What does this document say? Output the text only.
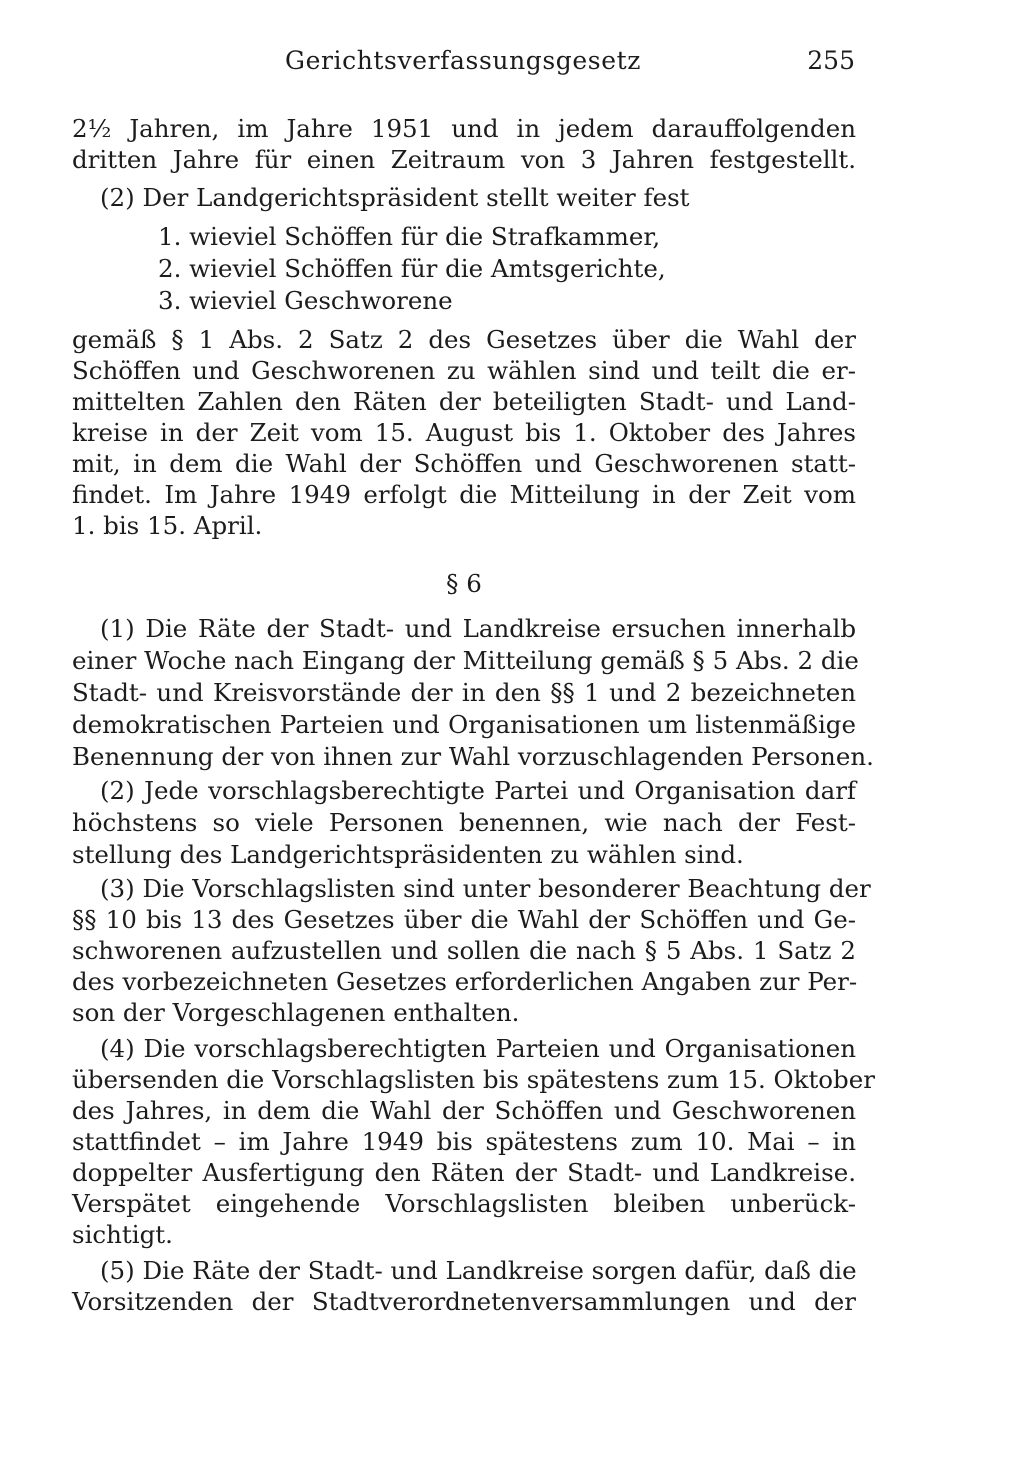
Gerichtsverfassungsgesetz	255
2½ Jahren, im Jahre 1951 und in jedem darauffolgenden
dritten Jahre für einen Zeitraum von 3 Jahren festgestellt.
(2) Der Landgerichtspräsident stellt weiter fest
1. wieviel Schöffen für die Strafkammer,
2. wieviel Schöffen für die Amtsgerichte,
3. wieviel Geschworene
gemäß § 1 Abs. 2 Satz 2 des Gesetzes über die Wahl der
Schöffen und Geschworenen zu wählen sind und teilt die er-
mittelten Zahlen den Räten der beteiligten Stadt- und Land-
kreise in der Zeit vom 15. August bis 1. Oktober des Jahres
mit, in dem die Wahl der Schöffen und Geschworenen statt-
findet. Im Jahre 1949 erfolgt die Mitteilung in der Zeit vom
1. bis 15. April.
§ 6
(1) Die Räte der Stadt- und Landkreise ersuchen innerhalb
einer Woche nach Eingang der Mitteilung gemäß § 5 Abs. 2 die
Stadt- und Kreisvorstände der in den §§ 1 und 2 bezeichneten
demokratischen Parteien und Organisationen um listenmäßige
Benennung der von ihnen zur Wahl vorzuschlagenden Personen.
(2) Jede vorschlagsberechtigte Partei und Organisation darf
höchstens so viele Personen benennen, wie nach der Fest-
stellung des Landgerichtspräsidenten zu wählen sind.
(3) Die Vorschlagslisten sind unter besonderer Beachtung der
§§ 10 bis 13 des Gesetzes über die Wahl der Schöffen und Ge-
schworenen aufzustellen und sollen die nach § 5 Abs. 1 Satz 2
des vorbezeichneten Gesetzes erforderlichen Angaben zur Per-
son der Vorgeschlagenen enthalten.
(4) Die vorschlagsberechtigten Parteien und Organisationen
übersenden die Vorschlagslisten bis spätestens zum 15. Oktober
des Jahres, in dem die Wahl der Schöffen und Geschworenen
stattfindet – im Jahre 1949 bis spätestens zum 10. Mai – in
doppelter Ausfertigung den Räten der Stadt- und Landkreise.
Verspätet eingehende Vorschlagslisten bleiben unberück-
sichtigt.
(5) Die Räte der Stadt- und Landkreise sorgen dafür, daß die
Vorsitzenden der Stadtverordnetenversammlungen und der
